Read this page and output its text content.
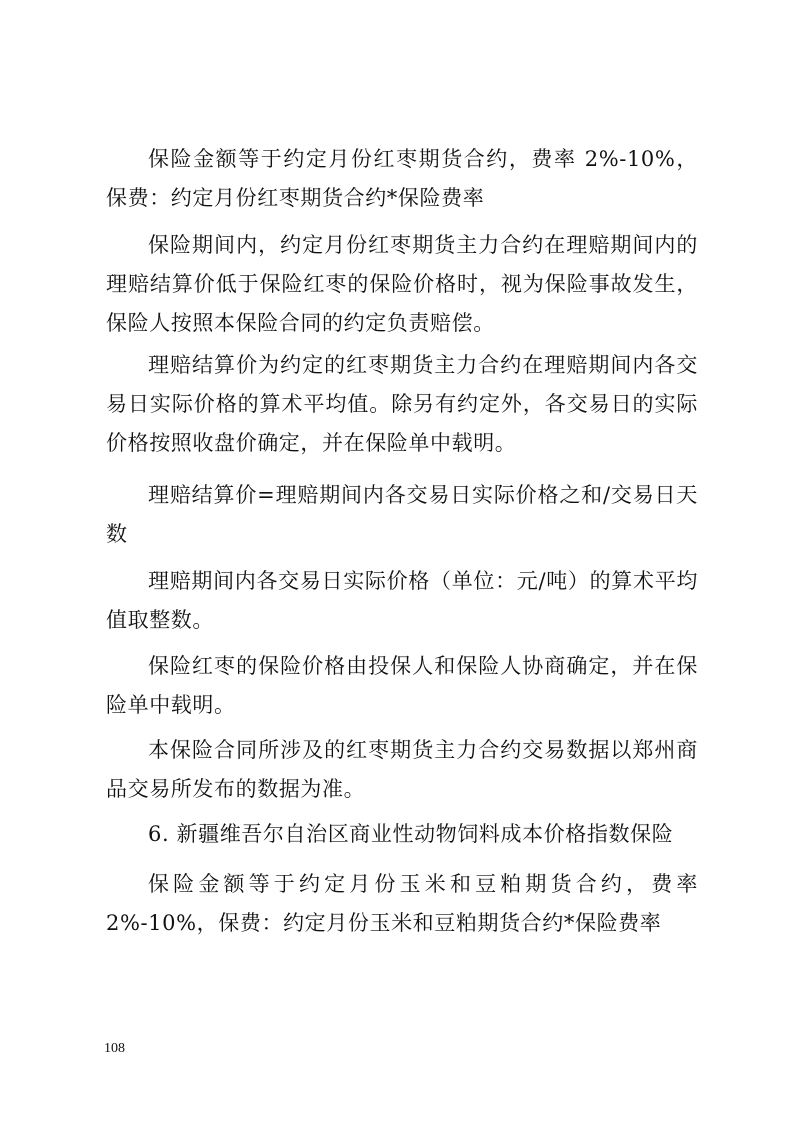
保险金额等于约定月份红枣期货合约，费率 2%-10%，保费：约定月份红枣期货合约*保险费率

保险期间内，约定月份红枣期货主力合约在理赔期间内的理赔结算价低于保险红枣的保险价格时，视为保险事故发生，保险人按照本保险合同的约定负责赔偿。

理赔结算价为约定的红枣期货主力合约在理赔期间内各交易日实际价格的算术平均值。除另有约定外，各交易日的实际价格按照收盘价确定，并在保险单中载明。

理赔结算价=理赔期间内各交易日实际价格之和/交易日天数

理赔期间内各交易日实际价格（单位：元/吨）的算术平均值取整数。

保险红枣的保险价格由投保人和保险人协商确定，并在保险单中载明。

本保险合同所涉及的红枣期货主力合约交易数据以郑州商品交易所发布的数据为准。

6. 新疆维吾尔自治区商业性动物饲料成本价格指数保险

保险金额等于约定月份玉米和豆粕期货合约，费率 2%-10%，保费：约定月份玉米和豆粕期货合约*保险费率

108
